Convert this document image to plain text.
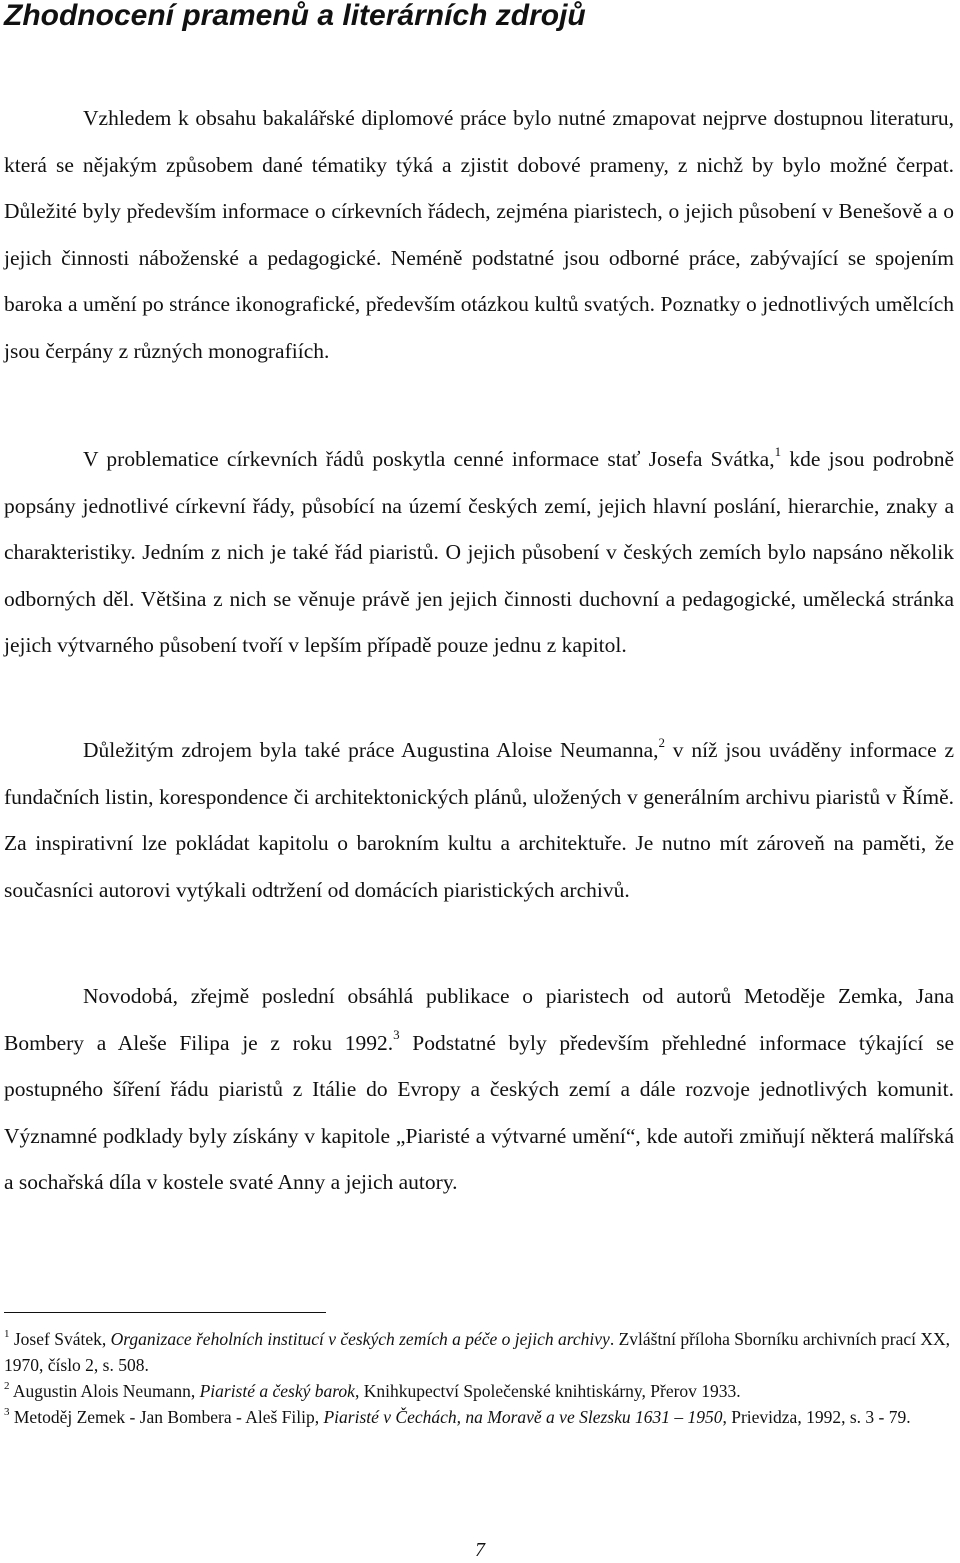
Zhodnocení pramenů a literárních zdrojů

Vzhledem k obsahu bakalářské diplomové práce bylo nutné zmapovat nejprve dostupnou literaturu, která se nějakým způsobem dané tématiky týká a zjistit dobové prameny, z nichž by bylo možné čerpat. Důležité byly především informace o církevních řádech, zejména piaristech, o jejich působení v Benešově a o jejich činnosti náboženské a pedagogické. Neméně podstatné jsou odborné práce, zabývající se spojením baroka a umění po stránce ikonografické, především otázkou kultů svatých. Poznatky o jednotlivých umělcích jsou čerpány z různých monografiích.

V problematice církevních řádů poskytla cenné informace stať Josefa Svátka,$^1$ kde jsou podrobně popsány jednotlivé církevní řády, působící na území českých zemí, jejich hlavní poslání, hierarchie, znaky a charakteristiky. Jedním z nich je také řád piaristů. O jejich působení v českých zemích bylo napsáno několik odborných děl. Většina z nich se věnuje právě jen jejich činnosti duchovní a pedagogické, umělecká stránka jejich výtvarného působení tvoří v lepším případě pouze jednu z kapitol.

Důležitým zdrojem byla také práce Augustina Aloise Neumanna,$^2$ v níž jsou uváděny informace z fundačních listin, korespondence či architektonických plánů, uložených v generálním archivu piaristů v Římě. Za inspirativní lze pokládat kapitolu o barokním kultu a architektuře. Je nutno mít zároveň na paměti, že současníci autorovi vytýkali odtržení od domácích piaristických archivů.

Novodobá, zřejmě poslední obsáhlá publikace o piaristech od autorů Metoděje Zemka, Jana Bombery a Aleše Filipa je z roku 1992.$^3$ Podstatné byly především přehledné informace týkající se postupného šíření řádu piaristů z Itálie do Evropy a českých zemí a dále rozvoje jednotlivých komunit. Významné podklady byly získány v kapitole „Piaristé a výtvarné umění“, kde autoři zmiňují některá malířská a sochařská díla v kostele svaté Anny a jejich autory.

$^1$ Josef Svátek, Organizace řeholních institucí v českých zemích a péče o jejich archivy. Zvláštní příloha Sborníku archivních prací XX, 1970, číslo 2, s. 508.

$^2$ Augustin Alois Neumann, Piaristé a český barok, Knihkupectví Společenské knihtiskárny, Přerov 1933.

$^3$ Metoděj Zemek - Jan Bombera - Aleš Filip, Piaristé v Čechách, na Moravě a ve Slezsku 1631 – 1950, Prievidza, 1992, s. 3 - 79.

7
